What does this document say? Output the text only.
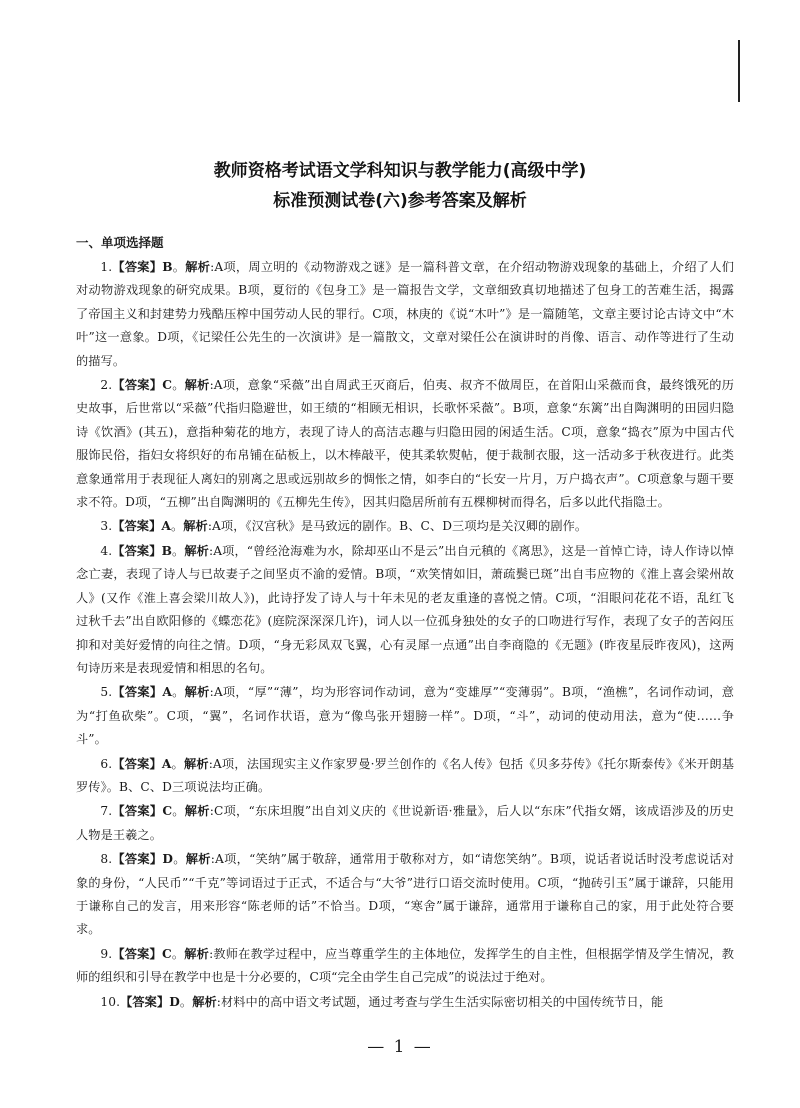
教师资格考试语文学科知识与教学能力(高级中学)
标准预测试卷(六)参考答案及解析
一、单项选择题

1.【答案】B。解析:A项，周立明的《动物游戏之谜》是一篇科普文章，在介绍动物游戏现象的基础上，介绍了人们对动物游戏现象的研究成果。B项，夏衍的《包身工》是一篇报告文学，文章细致真切地描述了包身工的苦难生活，揭露了帝国主义和封建势力残酷压榨中国劳动人民的罪行。C项，林庚的《说“木叶”》是一篇随笔，文章主要讨论古诗文中“木叶”这一意象。D项，《记梁任公先生的一次演讲》是一篇散文，文章对梁任公在演讲时的肖像、语言、动作等进行了生动的描写。

2.【答案】C。解析:A项，意象“采薇”出自周武王灭商后，伯夷、叔齐不做周臣，在首阳山采薇而食，最终饿死的历史故事，后世常以“采薇”代指归隐避世，如王绩的“相顾无相识，长歌怀采薇”。B项，意象“东篱”出自陶渊明的田园归隐诗《饮酒》(其五)，意指种菊花的地方，表现了诗人的高洁志趣与归隐田园的闲适生活。C项，意象“捣衣”原为中国古代服饰民俗，指妇女将织好的布帛铺在砧板上，以木棒敲平，使其柔软熨帖，便于裁制衣服，这一活动多于秋夜进行。此类意象通常用于表现征人离妇的别离之思或远别故乡的惆怅之情，如李白的“长安一片月，万户捣衣声”。C项意象与题干要求不符。D项，“五柳”出自陶渊明的《五柳先生传》，因其归隐居所前有五棵柳树而得名，后多以此代指隐士。

3.【答案】A。解析:A项，《汉宫秋》是马致远的剧作。B、C、D三项均是关汉卿的剧作。

4.【答案】B。解析:A项，“曾经沧海难为水，除却巫山不是云”出自元稹的《离思》，这是一首悼亡诗，诗人作诗以悼念亡妻，表现了诗人与已故妻子之间坚贞不渝的爱情。B项，“欢笑情如旧，萧疏鬓已斑”出自韦应物的《淮上喜会梁州故人》(又作《淮上喜会梁川故人》)，此诗抒发了诗人与十年未见的老友重逢的喜悦之情。C项，“泪眼问花花不语，乱红飞过秋千去”出自欧阳修的《蝶恋花》(庭院深深深几许)，词人以一位孤身独处的女子的口吻进行写作，表现了女子的苦闷压抑和对美好爱情的向往之情。D项，“身无彩凤双飞翼，心有灵犀一点通”出自李商隐的《无题》(昨夜星辰昨夜风)，这两句诗历来是表现爱情和相思的名句。

5.【答案】A。解析:A项，“厚”“薄”，均为形容词作动词，意为“变雄厚”“变薄弱”。B项，“渔樵”，名词作动词，意为“打鱼砍柴”。C项，“翼”，名词作状语，意为“像鸟张开翅膀一样”。D项，“斗”，动词的使动用法，意为“使……争斗”。

6.【答案】A。解析:A项，法国现实主义作家罗曼·罗兰创作的《名人传》包括《贝多芬传》《托尔斯泰传》《米开朗基罗传》。B、C、D三项说法均正确。

7.【答案】C。解析:C项，“东床坦腹”出自刘义庆的《世说新语·雅量》，后人以“东床”代指女婿，该成语涉及的历史人物是王羲之。

8.【答案】D。解析:A项，“笑纳”属于敬辞，通常用于敬称对方，如“请您笑纳”。B项，说话者说话时没考虑说话对象的身份，“人民币”“千克”等词语过于正式，不适合与“大爷”进行口语交流时使用。C项，“抛砖引玉”属于谦辞，只能用于谦称自己的发言，用来形容“陈老师的话”不恰当。D项，“寒舍”属于谦辞，通常用于谦称自己的家，用于此处符合要求。

9.【答案】C。解析:教师在教学过程中，应当尊重学生的主体地位，发挥学生的自主性，但根据学情及学生情况，教师的组织和引导在教学中也是十分必要的，C项“完全由学生自己完成”的说法过于绝对。

10.【答案】D。解析:材料中的高中语文考试题，通过考查与学生生活实际密切相关的中国传统节日，能

— 1 —
